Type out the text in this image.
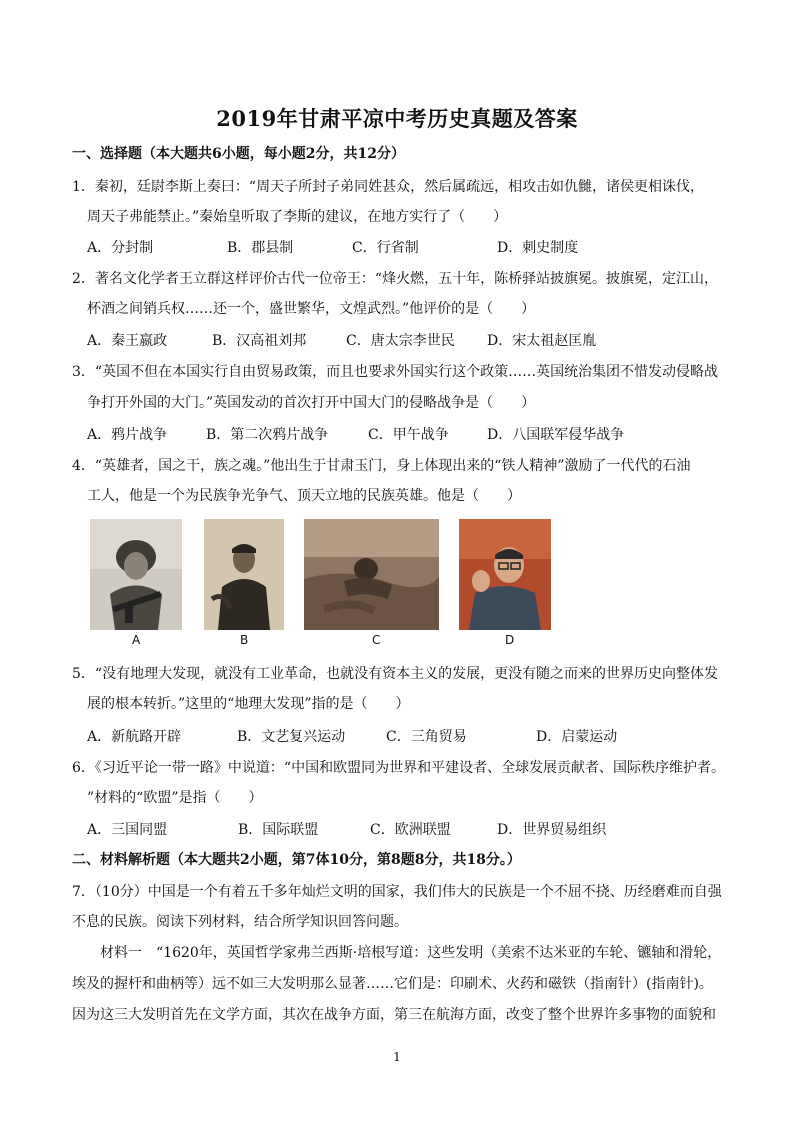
2019年甘肃平凉中考历史真题及答案
一、选择题（本大题共6小题，每小题2分，共12分）
1．秦初，廷尉李斯上奏曰：“周天子所封子弟同姓甚众，然后属疏远，相攻击如仇雠，诸侯更相诛伐，
周天子弗能禁止。”秦始皇听取了李斯的建议，在地方实行了（　　）
A．分封制	B．郡县制	C．行省制	D．刺史制度
2．著名文化学者王立群这样评价古代一位帝王：“烽火燃，五十年，陈桥驿站披旗冕。披旗冕，定江山，
杯酒之间销兵权……还一个，盛世繁华，文煌武烈。”他评价的是（　　）
A．秦王嬴政	B．汉高祖刘邦	C．唐太宗李世民 D．宋太祖赵匡胤
3．“英国不但在本国实行自由贸易政策，而且也要求外国实行这个政策……英国统治集团不惜发动侵略战
争打开外国的大门。”英国发动的首次打开中国大门的侵略战争是（　　）
A．鸦片战争	B．第二次鸦片战争	C．甲午战争	D．八国联军侵华战争
4．“英雄者，国之干，族之魂。”他出生于甘肃玉门，身上体现出来的“铁人精神”激励了一代代的石油
工人，他是一个为民族争光争气、顶天立地的民族英雄。他是（　　）
A	B	C	D
5．“没有地理大发现，就没有工业革命，也就没有资本主义的发展，更没有随之而来的世界历史向整体发
展的根本转折。”这里的“地理大发现”指的是（　　）
A．新航路开辟	B．文艺复兴运动	C．三角贸易	D．启蒙运动
6．《习近平论一带一路》中说道：“中国和欧盟同为世界和平建设者、全球发展贡献者、国际秩序维护者。
”材料的“欧盟”是指（　　）
A．三国同盟	B．国际联盟	C．欧洲联盟	D．世界贸易组织
二、材料解析题（本大题共2小题，第7体10分，第8题8分，共18分。）
7．（10分）中国是一个有着五千多年灿烂文明的国家，我们伟大的民族是一个不屈不挠、历经磨难而自强
不息的民族。阅读下列材料，结合所学知识回答问题。
材料一　“1620年，英国哲学家弗兰西斯·培根写道：这些发明（美索不达米亚的车轮、镳轴和滑轮，
埃及的握杆和曲柄等）远不如三大发明那么显著……它们是：印刷术、火药和磁铁（指南针）(指南针)。
因为这三大发明首先在文学方面，其次在战争方面，第三在航海方面，改变了整个世界许多事物的面貌和
1
